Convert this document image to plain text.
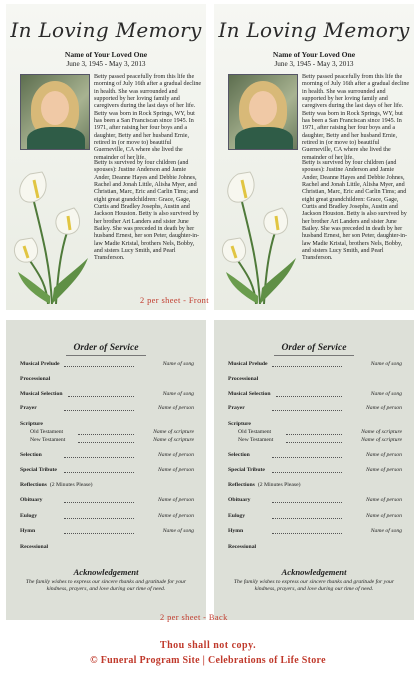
In Loving Memory
Name of Your Loved One
June 3, 1945 - May 3, 2013

Betty passed peacefully from this life the morning of July 16th after a gradual decline in health. She was surrounded and supported by her loving family and caregivers during the last days of her life. Betty was born in Rock Springs, WY, but has been a San Franciscan since 1945. In 1971, after raising her four boys and a daughter, Betty and her husband Ernie, retired in (or move to) beautiful Guerneville, CA where she lived the remainder of her life.

Betty is survived by four children (and spouses): Justine Anderson and Jamie Ander, Deanne Hayes and Debbie Johnes, Rachel and Jonah Little, Alisha Myer, and Christian, Marc, Eric and Carlin Tims; and eight great grandchildren: Grace, Gage, Curtis and Bradley Josephs, Austin and Jackson Houston. Betty is also survived by her brother Art Landers and sister June Bailey. She was preceded in death by her husband Ernest, her son Peter, daughter-in-law Madie Kristal, brothers Nels, Bobby, and sisters Lucy Smith, and Pearl Transferson.

In Loving Memory
Name of Your Loved One
June 3, 1945 - May 3, 2013

Betty passed peacefully from this life the morning of July 16th after a gradual decline in health. She was surrounded and supported by her loving family and caregivers during the last days of her life. Betty was born in Rock Springs, WY, but has been a San Franciscan since 1945. In 1971, after raising her four boys and a daughter, Betty and her husband Ernie, retired in (or move to) beautiful Guerneville, CA where she lived the remainder of her life.

Betty is survived by four children (and spouses): Justine Anderson and Jamie Ander, Deanne Hayes and Debbie Johnes, Rachel and Jonah Little, Alisha Myer, and Christian, Marc, Eric and Carlin Tims; and eight great grandchildren: Grace, Gage, Curtis and Bradley Josephs, Austin and Jackson Houston. Betty is also survived by her brother Art Landers and sister June Bailey. She was preceded in death by her husband Ernest, her son Peter, daughter-in-law Madie Kristal, brothers Nels, Bobby, and sisters Lucy Smith, and Pearl Transferson.

2 per sheet - Front
Order of Service
Musical Prelude	Name of song
Processional
Musical Selection	Name of song
Prayer	Name of person
Scripture
Old Testament	Name of scripture
New Testament	Name of scripture
Selection	Name of person
Special Tribute	Name of person
Reflections (2 Minutes Please)
Obituary	Name of person
Eulogy	Name of person
Hymn	Name of song
Recessional
Acknowledgement
The family wishes to express our sincere thanks and gratitude for your kindness, prayers, and love during our time of need.
Order of Service
Musical Prelude	Name of song
Processional
Musical Selection	Name of song
Prayer	Name of person
Scripture
Old Testament	Name of scripture
New Testament	Name of scripture
Selection	Name of person
Special Tribute	Name of person
Reflections (2 Minutes Please)
Obituary	Name of person
Eulogy	Name of person
Hymn	Name of song
Recessional
Acknowledgement
The family wishes to express our sincere thanks and gratitude for your kindness, prayers, and love during our time of need.
2 per sheet - Back
Thou shall not copy.
© Funeral Program Site | Celebrations of Life Store
